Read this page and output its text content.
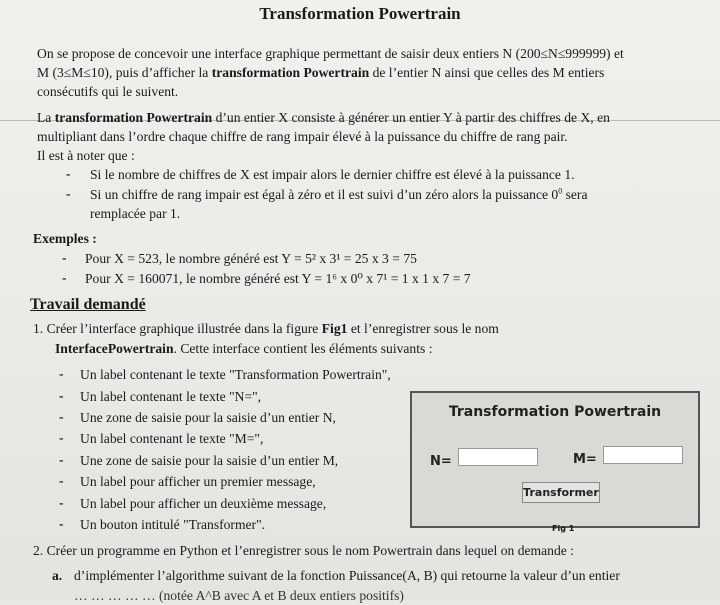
Transformation Powertrain
On se propose de concevoir une interface graphique permettant de saisir deux entiers N (200≤N≤999999) et
M (3≤M≤10), puis d’afficher la transformation Powertrain de l’entier N ainsi que celles des M entiers
consécutifs qui le suivent.
La transformation Powertrain d’un entier X consiste à générer un entier Y à partir des chiffres de X, en
multipliant dans l’ordre chaque chiffre de rang impair élevé à la puissance du chiffre de rang pair.
Il est à noter que :
- Si le nombre de chiffres de X est impair alors le dernier chiffre est élevé à la puissance 1.
- Si un chiffre de rang impair est égal à zéro et il est suivi d’un zéro alors la puissance $0^0$ sera
remplacée par 1.
Exemples :
- Pour X = 523, le nombre généré est Y = 5² x 3¹ = 25 x 3 = 75
- Pour X = 160071, le nombre généré est Y = 1⁶ x 0⁰ x 7¹ = 1 x 1 x 7 = 7
Travail demandé
1. Créer l’interface graphique illustrée dans la figure Fig1 et l’enregistrer sous le nom
InterfacePowertrain. Cette interface contient les éléments suivants :
- Un label contenant le texte "Transformation Powertrain",
- Un label contenant le texte "N=",
- Une zone de saisie pour la saisie d’un entier N,
- Un label contenant le texte "M=",
- Une zone de saisie pour la saisie d’un entier M,
- Un label pour afficher un premier message,
- Un label pour afficher un deuxième message,
- Un bouton intitulé "Transformer".
Transformation Powertrain
N=	M=
Transformer
Fig 1
2. Créer un programme en Python et l’enregistrer sous le nom Powertrain dans lequel on demande :
a. d’implémenter l’algorithme suivant de la fonction Puissance(A, B) qui retourne la valeur d’un entier
… … … … … (notée A^B avec A et B deux entiers positifs)
